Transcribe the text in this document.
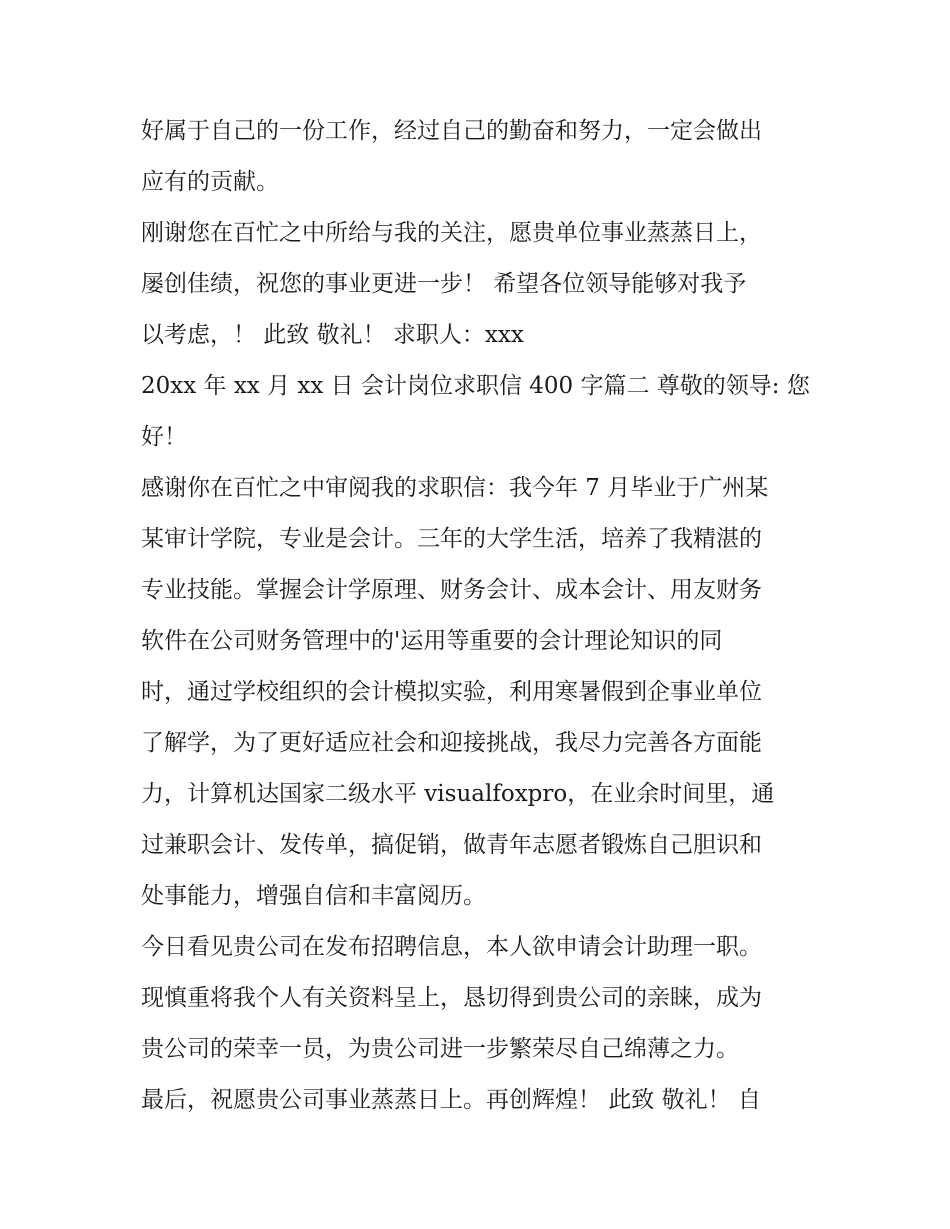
好属于自己的一份工作，经过自己的勤奋和努力，一定会做出
应有的贡献。
刚谢您在百忙之中所给与我的关注，愿贵单位事业蒸蒸日上，
屡创佳绩，祝您的事业更进一步！ 希望各位领导能够对我予
以考虑，！ 此致 敬礼！ 求职人：xxx
20xx 年 xx 月 xx 日 会计岗位求职信 400 字篇二 尊敬的领导: 您
好！
感谢你在百忙之中审阅我的求职信：我今年 7 月毕业于广州某
某审计学院，专业是会计。三年的大学生活，培养了我精湛的
专业技能。掌握会计学原理、财务会计、成本会计、用友财务
软件在公司财务管理中的'运用等重要的会计理论知识的同
时，通过学校组织的会计模拟实验，利用寒暑假到企事业单位
了解学，为了更好适应社会和迎接挑战，我尽力完善各方面能
力，计算机达国家二级水平 visualfoxpro，在业余时间里，通
过兼职会计、发传单，搞促销，做青年志愿者锻炼自己胆识和
处事能力，增强自信和丰富阅历。
今日看见贵公司在发布招聘信息，本人欲申请会计助理一职。
现慎重将我个人有关资料呈上，恳切得到贵公司的亲睐，成为
贵公司的荣幸一员，为贵公司进一步繁荣尽自己绵薄之力。
最后，祝愿贵公司事业蒸蒸日上。再创辉煌！ 此致 敬礼！ 自
